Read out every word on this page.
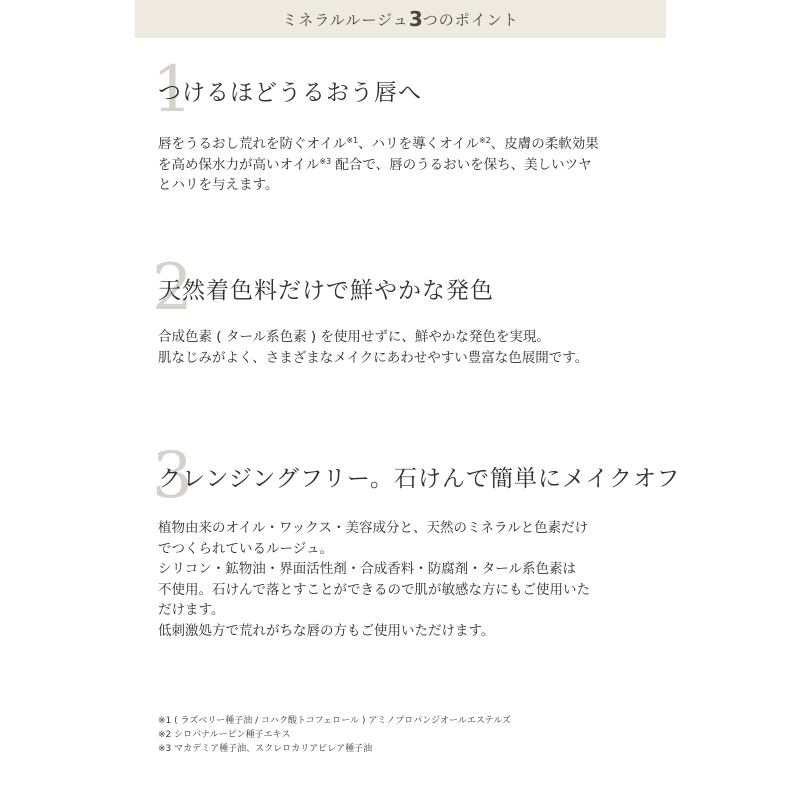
ミネラルルージュ 3 つのポイント
1
つけるほどうるおう唇へ

唇をうるおし荒れを防ぐオイル$^{※1}$、ハリを導くオイル$^{※2}$、皮膚の柔軟効果

を高め保水力が高いオイル$^{※3}$ 配合で、唇のうるおいを保ち、美しいツヤ

とハリを与えます。

2
天然着色料だけで鮮やかな発色

合成色素 ( タール系色素 ) を使用せずに、鮮やかな発色を実現。

肌なじみがよく、さまざまなメイクにあわせやすい豊富な色展開です。

3
クレンジングフリー。石けんで簡単にメイクオフ

植物由来のオイル・ワックス・美容成分と、天然のミネラルと色素だけ

でつくられているルージュ。

シリコン・鉱物油・界面活性剤・合成香料・防腐剤・タール系色素は

不使用。石けんで落とすことができるので肌が敏感な方にもご使用いた

だけます。

低刺激処方で荒れがちな唇の方もご使用いただけます。

※1 ( ラズベリー種子油 / コハク酸トコフェロール ) アミノプロパンジオールエステルズ

※2 シロバナルーピン種子エキス

※3 マカデミア種子油、スクレロカリアビレア種子油
